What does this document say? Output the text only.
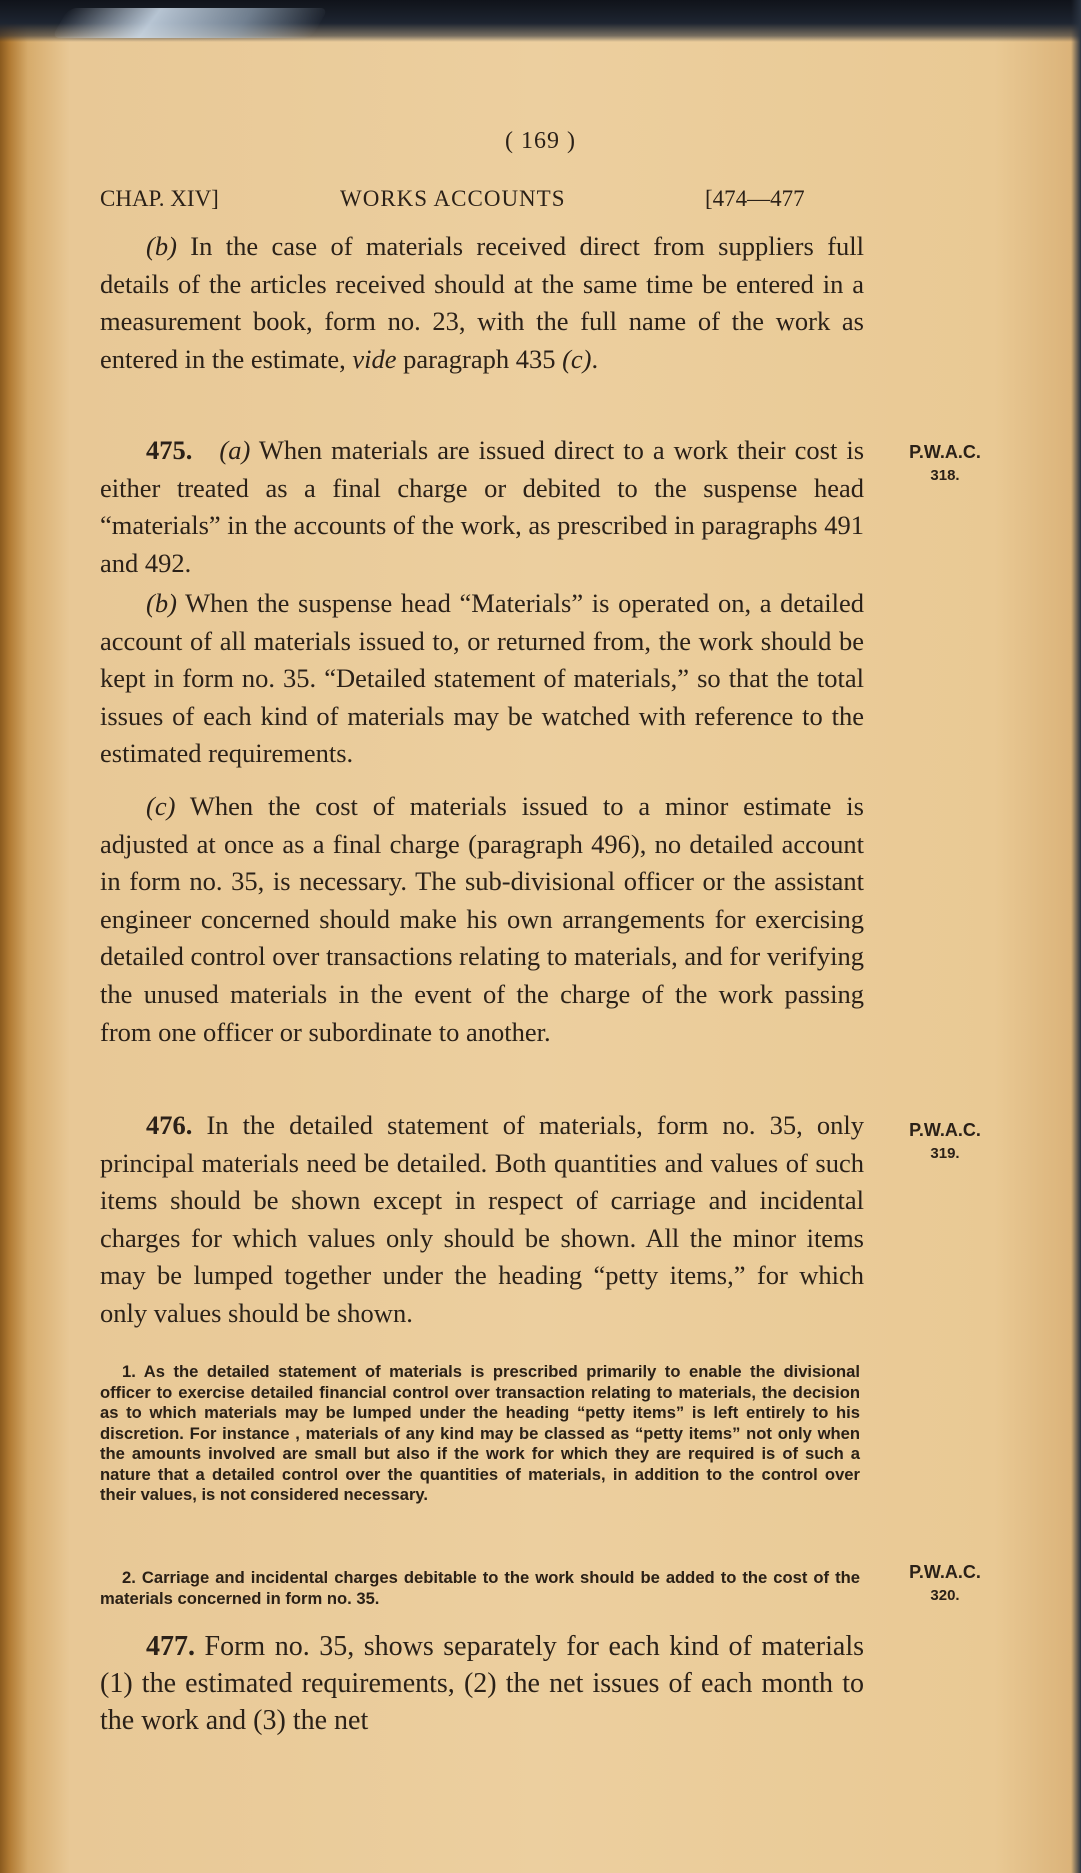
( 169 )
CHAP. XIV]	WORKS ACCOUNTS	[474—477

(b) In the case of materials received direct from suppliers full details of the articles received should at the same time be entered in a measurement book, form no. 23, with the full name of the work as entered in the estimate, vide paragraph 435 (c).

475. (a) When materials are issued direct to a work their cost is either treated as a final charge or debited to the suspense head “materials” in the accounts of the work, as prescribed in paragraphs 491 and 492.

P.W.A.C.
318.

(b) When the suspense head “Materials” is operated on, a detailed account of all materials issued to, or returned from, the work should be kept in form no. 35. “Detailed statement of materials,” so that the total issues of each kind of materials may be watched with reference to the estimated requirements.

(c) When the cost of materials issued to a minor estimate is adjusted at once as a final charge (paragraph 496), no detailed account in form no. 35, is necessary. The sub-divisional officer or the assistant engineer concerned should make his own arrangements for exercising detailed control over transactions relating to materials, and for verifying the unused materials in the event of the charge of the work passing from one officer or subordinate to another.

476. In the detailed statement of materials, form no. 35, only principal materials need be detailed. Both quantities and values of such items should be shown except in respect of carriage and incidental charges for which values only should be shown. All the minor items may be lumped together under the heading “petty items,” for which only values should be shown.

P.W.A.C.
319.

1. As the detailed statement of materials is prescribed primarily to enable the divisional officer to exercise detailed financial control over transaction relating to materials, the decision as to which materials may be lumped under the heading “petty items” is left entirely to his discretion. For instance , materials of any kind may be classed as “petty items” not only when the amounts involved are small but also if the work for which they are required is of such a nature that a detailed control over the quantities of materials, in addition to the control over their values, is not considered necessary.

2. Carriage and incidental charges debitable to the work should be added to the cost of the materials concerned in form no. 35.

P.W.A.C.
320.

477. Form no. 35, shows separately for each kind of materials (1) the estimated requirements, (2) the net issues of each month to the work and (3) the net
